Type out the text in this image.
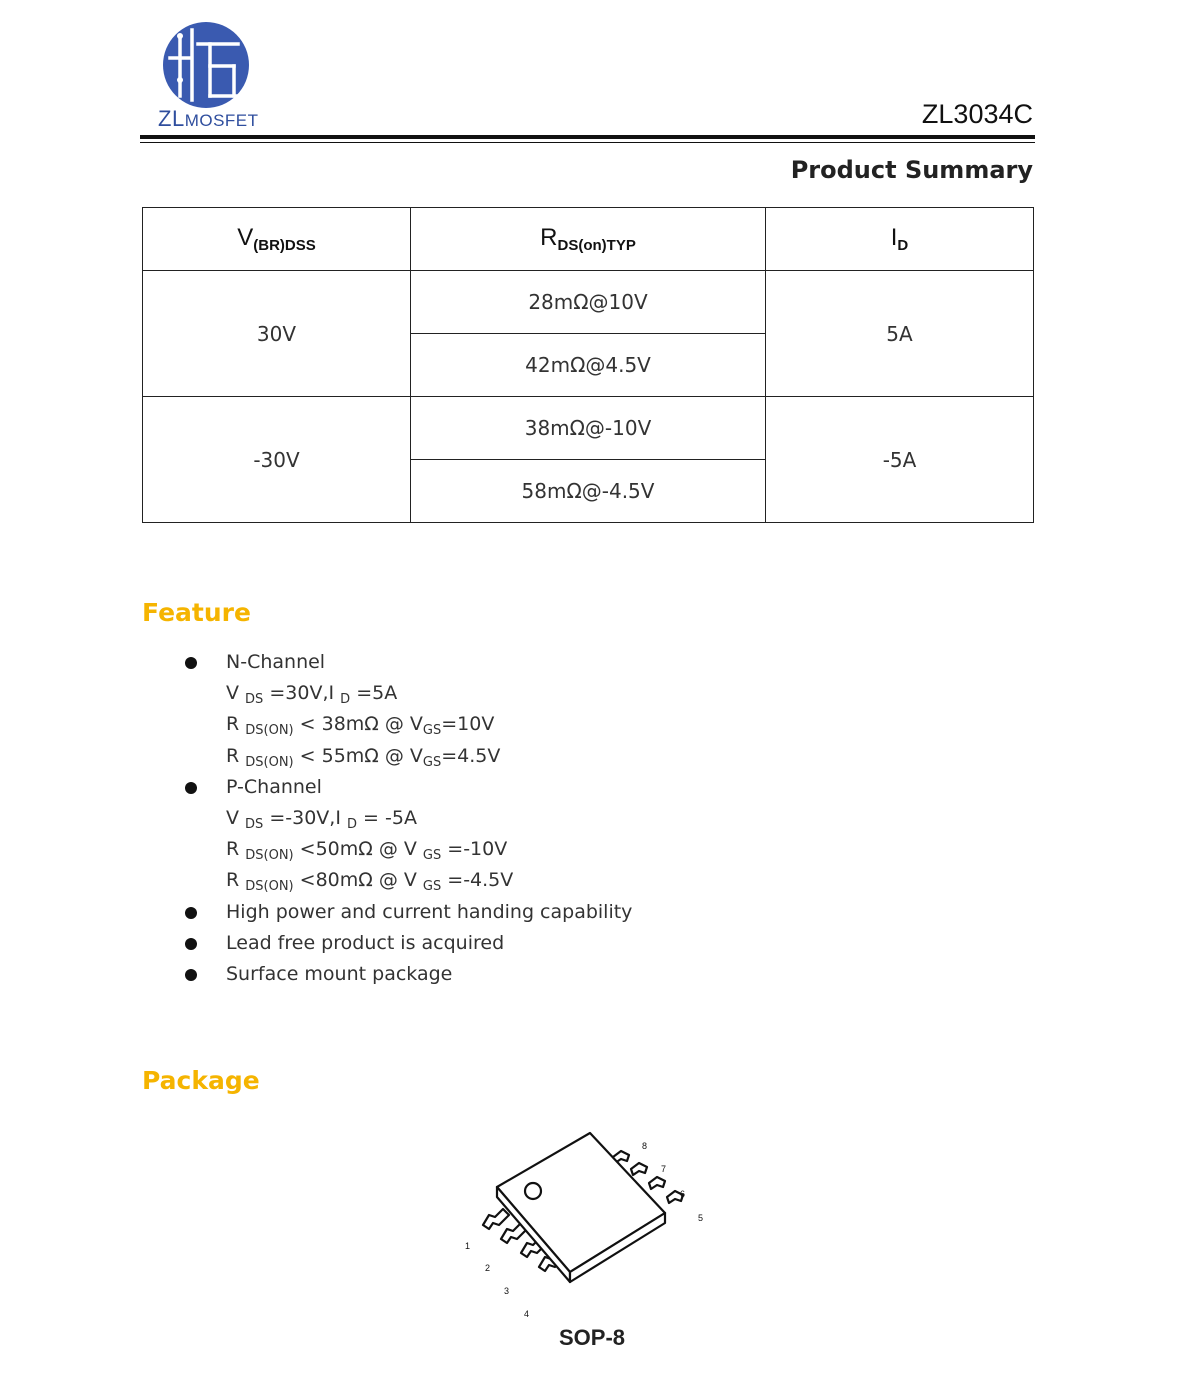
ZLMOSFET	ZL3034C
Product Summary
$V_{(BR)DSS}$	$R_{DS(on)TYP}$	$I_D$
30V	28mΩ@10V	5A
	42mΩ@4.5V	
-30V	38mΩ@-10V	-5A
	58mΩ@-4.5V	
Feature
N-Channel
V $_{DS}$ =30V,I $_D$ =5A
R $_{DS(ON)}$ < 38mΩ @ $V_{GS}=10V$
R $_{DS(ON)}$ < 55mΩ @ $V_{GS}=4.5V$
P-Channel
V $_{DS}$ =-30V,I $_D$ = -5A
R $_{DS(ON)}$ <50mΩ @ V $_{GS}$ =-10V
R $_{DS(ON)}$ <80mΩ @ V $_{GS}$ =-4.5V
High power and current handing capability
Lead free product is acquired
Surface mount package
Package
1
2
3
4
5
6
7
8
SOP-8
